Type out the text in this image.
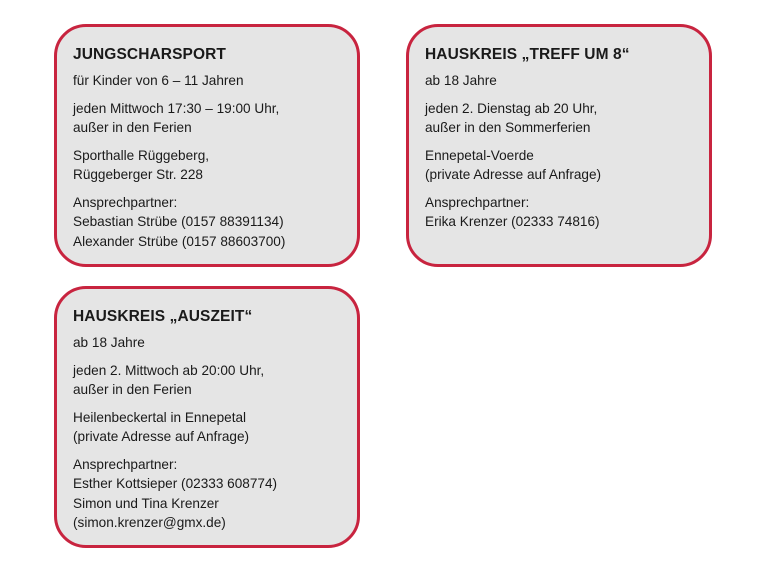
JUNGSCHARSPORT
für Kinder von 6 – 11 Jahren
jeden Mittwoch 17:30 – 19:00 Uhr,
außer in den Ferien
Sporthalle Rüggeberg,
Rüggeberger Str. 228
Ansprechpartner:
Sebastian Strübe (0157 88391134)
Alexander Strübe (0157 88603700)
HAUSKREIS „TREFF UM 8“
ab 18 Jahre
jeden 2. Dienstag ab 20 Uhr,
außer in den Sommerferien
Ennepetal-Voerde
(private Adresse auf Anfrage)
Ansprechpartner:
Erika Krenzer (02333 74816)
HAUSKREIS „AUSZEIT“
ab 18 Jahre
jeden 2. Mittwoch ab 20:00 Uhr,
außer in den Ferien
Heilenbeckertal in Ennepetal
(private Adresse auf Anfrage)
Ansprechpartner:
Esther Kottsieper (02333 608774)
Simon und Tina Krenzer
(simon.krenzer@gmx.de)
